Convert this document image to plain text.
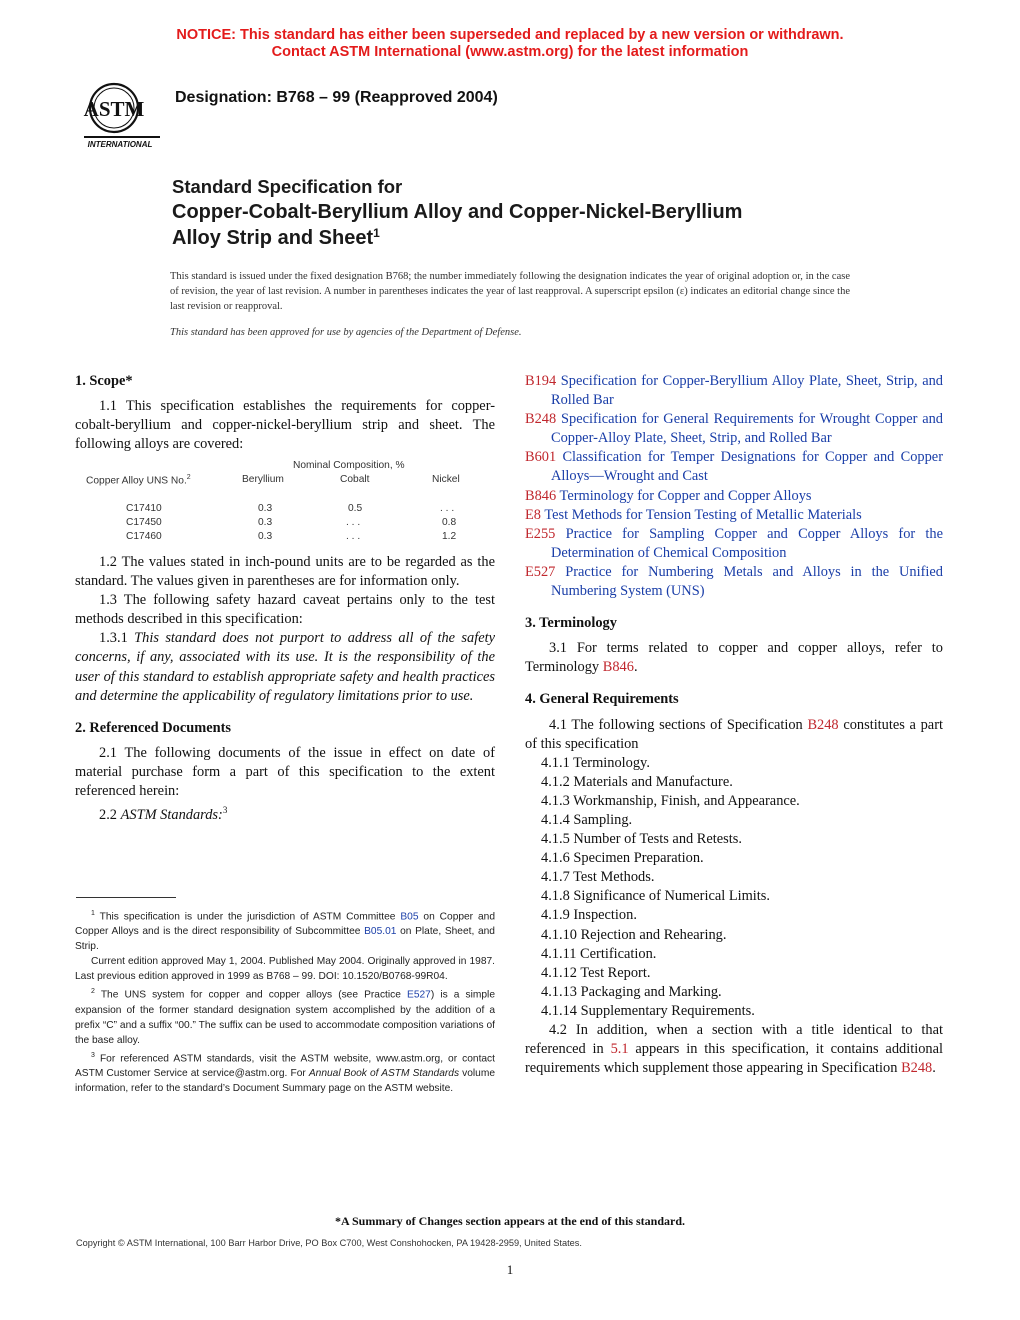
NOTICE: This standard has either been superseded and replaced by a new version or withdrawn.
Contact ASTM International (www.astm.org) for the latest information
ASTM
INTERNATIONAL
Designation: B768 – 99 (Reapproved 2004)
Standard Specification for
Copper-Cobalt-Beryllium Alloy and Copper-Nickel-Beryllium
Alloy Strip and Sheet$^1$

This standard is issued under the fixed designation B768; the number immediately following the designation indicates the year of original adoption or, in the case of revision, the year of last revision. A number in parentheses indicates the year of last reapproval. A superscript epsilon (ε) indicates an editorial change since the last revision or reapproval.

This standard has been approved for use by agencies of the Department of Defense.

1. Scope*

1.1 This specification establishes the requirements for copper-cobalt-beryllium and copper-nickel-beryllium strip and sheet. The following alloys are covered:

Nominal Composition, %
Copper Alloy UNS No.$^2$	Beryllium	Cobalt	Nickel
C17410	0.3	0.5	. . .
C17450	0.3	. . .	0.8
C17460	0.3	. . .	1.2

1.2 The values stated in inch-pound units are to be regarded as the standard. The values given in parentheses are for information only.

1.3 The following safety hazard caveat pertains only to the test methods described in this specification:

1.3.1 This standard does not purport to address all of the safety concerns, if any, associated with its use. It is the responsibility of the user of this standard to establish appropriate safety and health practices and determine the applicability of regulatory limitations prior to use.

2. Referenced Documents

2.1 The following documents of the issue in effect on date of material purchase form a part of this specification to the extent referenced herein:

2.2 ASTM Standards:$^3$

$^1$ This specification is under the jurisdiction of ASTM Committee B05 on Copper and Copper Alloys and is the direct responsibility of Subcommittee B05.01 on Plate, Sheet, and Strip.

Current edition approved May 1, 2004. Published May 2004. Originally approved in 1987. Last previous edition approved in 1999 as B768 – 99. DOI: 10.1520/B0768-99R04.

$^2$ The UNS system for copper and copper alloys (see Practice E527) is a simple expansion of the former standard designation system accomplished by the addition of a prefix “C” and a suffix “00.” The suffix can be used to accommodate composition variations of the base alloy.

$^3$ For referenced ASTM standards, visit the ASTM website, www.astm.org, or contact ASTM Customer Service at service@astm.org. For Annual Book of ASTM Standards volume information, refer to the standard’s Document Summary page on the ASTM website.

B194 Specification for Copper-Beryllium Alloy Plate, Sheet, Strip, and Rolled Bar
B248 Specification for General Requirements for Wrought Copper and Copper-Alloy Plate, Sheet, Strip, and Rolled Bar
B601 Classification for Temper Designations for Copper and Copper Alloys—Wrought and Cast
B846 Terminology for Copper and Copper Alloys
E8 Test Methods for Tension Testing of Metallic Materials
E255 Practice for Sampling Copper and Copper Alloys for the Determination of Chemical Composition
E527 Practice for Numbering Metals and Alloys in the Unified Numbering System (UNS)
3. Terminology

3.1 For terms related to copper and copper alloys, refer to Terminology B846.

4. General Requirements

4.1 The following sections of Specification B248 constitutes a part of this specification

4.1.1 Terminology.
4.1.2 Materials and Manufacture.
4.1.3 Workmanship, Finish, and Appearance.
4.1.4 Sampling.
4.1.5 Number of Tests and Retests.
4.1.6 Specimen Preparation.
4.1.7 Test Methods.
4.1.8 Significance of Numerical Limits.
4.1.9 Inspection.
4.1.10 Rejection and Rehearing.
4.1.11 Certification.
4.1.12 Test Report.
4.1.13 Packaging and Marking.
4.1.14 Supplementary Requirements.

4.2 In addition, when a section with a title identical to that referenced in 5.1 appears in this specification, it contains additional requirements which supplement those appearing in Specification B248.

*A Summary of Changes section appears at the end of this standard.
Copyright © ASTM International, 100 Barr Harbor Drive, PO Box C700, West Conshohocken, PA 19428-2959, United States.
1
